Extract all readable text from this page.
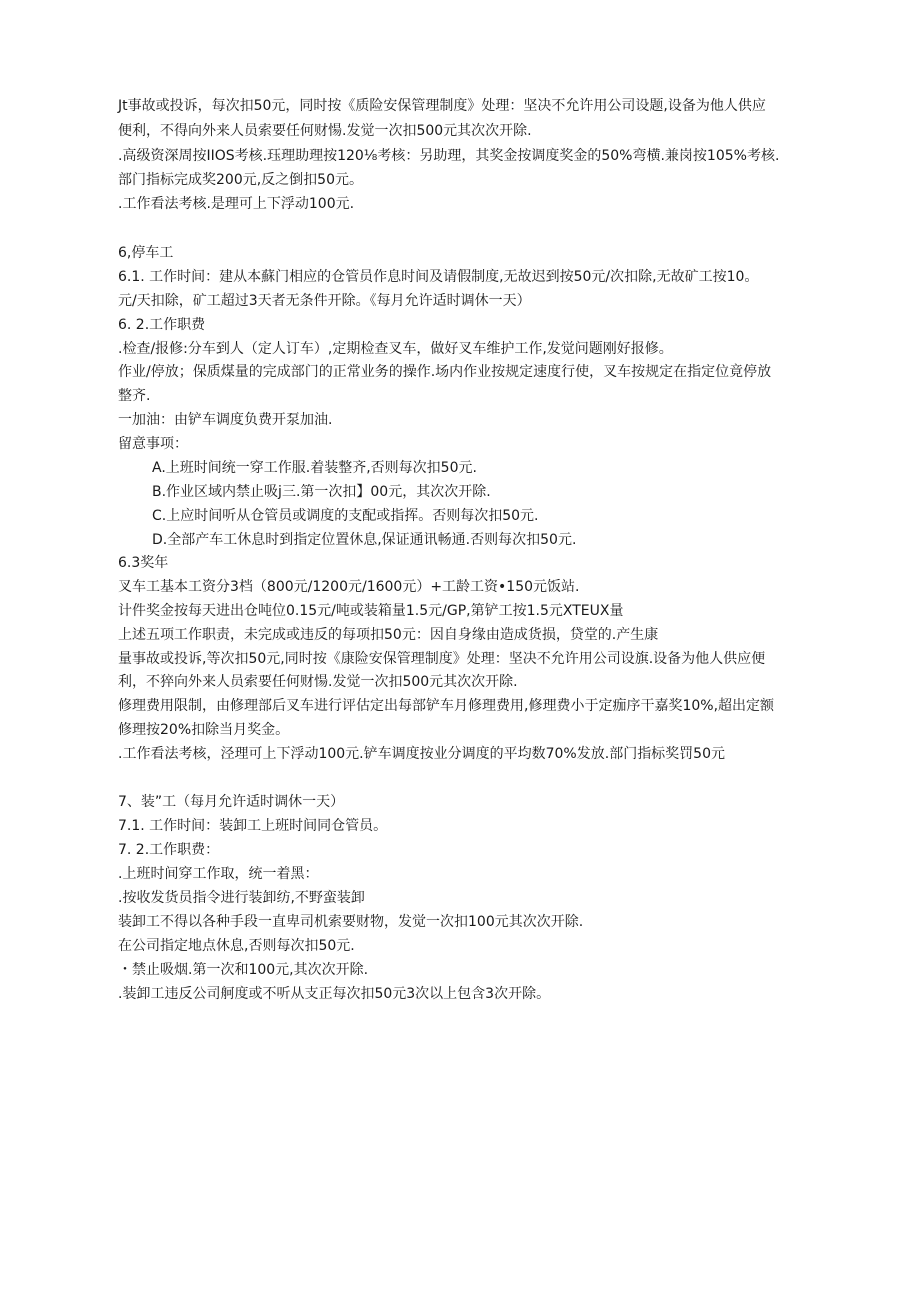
Jt事故或投诉，每次扣50元，同时按《质险安保管理制度》处理：坚决不允许用公司设题,设备为他人供应
便利，不得向外来人员索要任何财愓.发觉一次扣500元其次次开除.
.高级资深周按IIOS考核.珏理助理按120⅛考核：另助理，其奖金按调度奖金的50%弯横.兼岗按105%考核.
部门指标完成奖200元,反之倒扣50元。
.工作看法考核.是理可上下浮动100元.
6,停车工
6.1. 工作时间：建从本蘇门相应的仓管员作息时间及请假制度,无故迟到按50元/次扣除,无故矿工按10。
元/天扣除，矿工超过3天者无条件开除。《每月允许适时调休一天）
6. 2.工作职费
.检查/报修:分车到人（定人订车）,定期检查叉车，做好叉车维护工作,发觉问题刚好报修。
作业/停放；保质煤量的完成部门的正常业务的操作.场内作业按规定速度行使，叉车按规定在指定位竟停放
整齐.
一加油：由铲车调度负费开泵加油.
留意事项：
A.上班时间统一穿工作服.着装整齐,否则每次扣50元.
B.作业区域内禁止吸j三.第一次扣】00元，其次次开除.
C.上应时间听从仓管员或调度的支配或指挥。否则每次扣50元.
D.全部产车工休息时到指定位置休息,保证通讯畅通.否则每次扣50元.
6.3奖年
叉车工基本工资分3档（800元/1200元/1600元）+工龄工资•150元饭站.
计件奖金按每天进出仓吨位0.15元/吨或装箱量1.5元/GP,第铲工按1.5元XTEUX量
上述五项工作职责，未完成或违反的每项扣50元：因自身缘由造成货损，贷堂的.产生康
量事故或投诉,等次扣50元,同时按《康险安保管理制度》处理：坚决不允许用公司设旗.设备为他人供应便
利，不猝向外来人员索要任何财愓.发觉一次扣500元其次次开除.
修理费用限制，由修理部后叉车进行评估定出每部铲车月修理费用,修理费小于定痂序干嘉奖10%,超出定额
修理按20%扣除当月奖金。
.工作看法考核，泾理可上下浮动100元.铲车调度按业分调度的平均数70%发放.部门指标奖罚50元
7、装”工（每月允许适时调休一天）
7.1. 工作时间：装卸工上班时间同仓管员。
7. 2.工作职费：
.上班时间穿工作取，统一着黑：
.按收发货员指令进行装卸纺,不野蛮装卸
装卸工不得以各种手段一直卑司机索要财物，发觉一次扣100元其次次开除.
在公司指定地点休息,否则每次扣50元.
・禁止吸烟.第一次和100元,其次次开除.
.装卸工违反公司舸度或不听从支正每次扣50元3次以上包含3次开除。
